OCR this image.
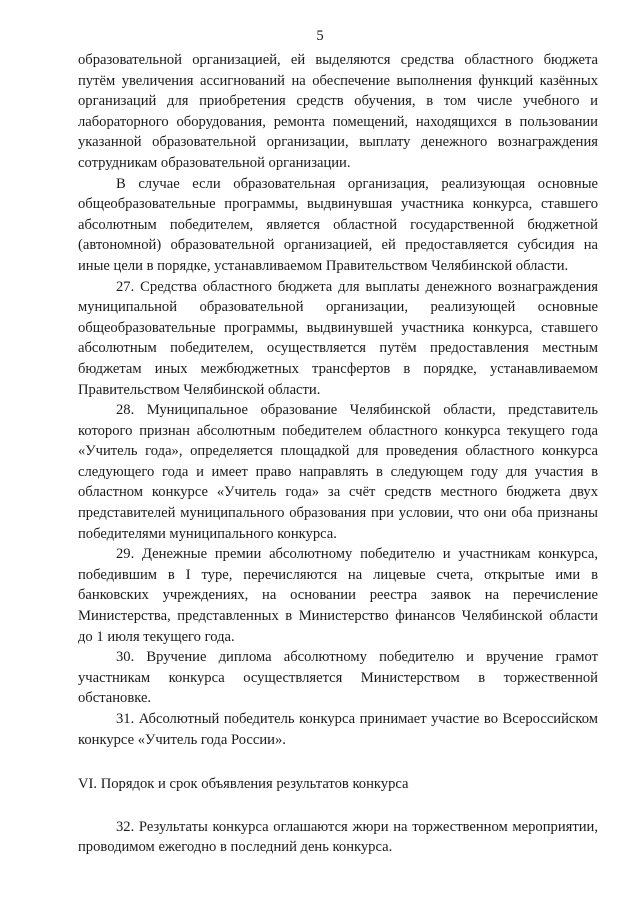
5

образовательной организацией, ей выделяются средства областного бюджета путём увеличения ассигнований на обеспечение выполнения функций казённых организаций для приобретения средств обучения, в том числе учебного и лабораторного оборудования, ремонта помещений, находящихся в пользовании указанной образовательной организации, выплату денежного вознаграждения сотрудникам образовательной организации.

В случае если образовательная организация, реализующая основные общеобразовательные программы, выдвинувшая участника конкурса, ставшего абсолютным победителем, является областной государственной бюджетной (автономной) образовательной организацией, ей предоставляется субсидия на иные цели в порядке, устанавливаемом Правительством Челябинской области.

27. Средства областного бюджета для выплаты денежного вознаграждения муниципальной образовательной организации, реализующей основные общеобразовательные программы, выдвинувшей участника конкурса, ставшего абсолютным победителем, осуществляется путём предоставления местным бюджетам иных межбюджетных трансфертов в порядке, устанавливаемом Правительством Челябинской области.

28. Муниципальное образование Челябинской области, представитель которого признан абсолютным победителем областного конкурса текущего года «Учитель года», определяется площадкой для проведения областного конкурса следующего года и имеет право направлять в следующем году для участия в областном конкурсе «Учитель года» за счёт средств местного бюджета двух представителей муниципального образования при условии, что они оба признаны победителями муниципального конкурса.

29. Денежные премии абсолютному победителю и участникам конкурса, победившим в I туре, перечисляются на лицевые счета, открытые ими в банковских учреждениях, на основании реестра заявок на перечисление Министерства, представленных в Министерство финансов Челябинской области до 1 июля текущего года.

30. Вручение диплома абсолютному победителю и вручение грамот участникам конкурса осуществляется Министерством в торжественной обстановке.

31. Абсолютный победитель конкурса принимает участие во Всероссийском конкурсе «Учитель года России».

VI. Порядок и срок объявления результатов конкурса

32. Результаты конкурса оглашаются жюри на торжественном мероприятии, проводимом ежегодно в последний день конкурса.
